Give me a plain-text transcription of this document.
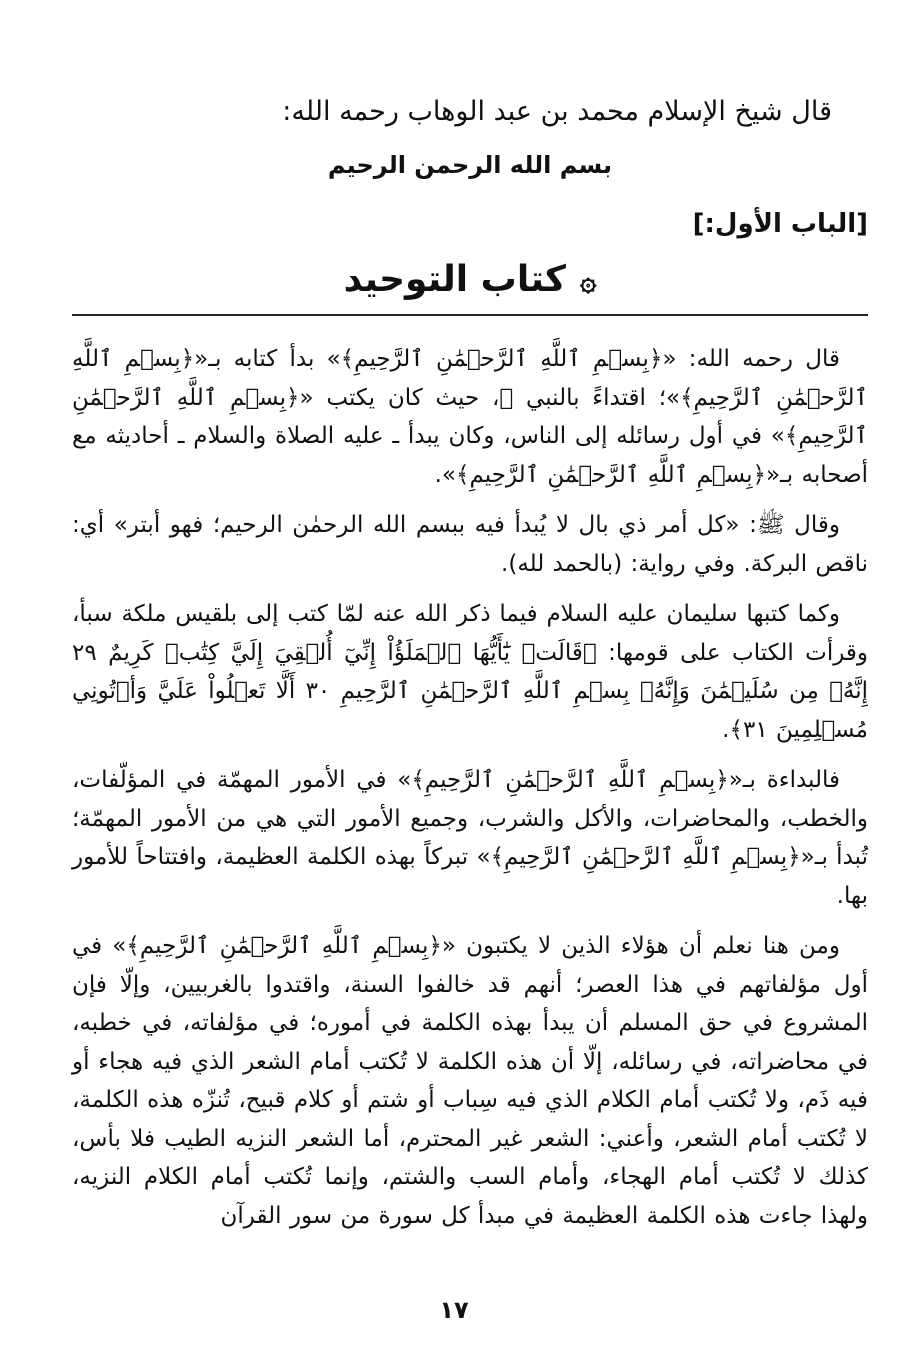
قال شيخ الإسلام محمد بن عبد الوهاب رحمه الله:
بسم الله الرحمن الرحيم
[الباب الأول:]
۞كتاب التوحيد

قال رحمه الله: «﴿بِسۡمِ ٱللَّهِ ٱلرَّحۡمَٰنِ ٱلرَّحِيمِ﴾» بدأ كتابه بـ«﴿بِسۡمِ ٱللَّهِ ٱلرَّحۡمَٰنِ ٱلرَّحِيمِ﴾»؛ اقتداءً بالنبي ﷺ، حيث كان يكتب «﴿بِسۡمِ ٱللَّهِ ٱلرَّحۡمَٰنِ ٱلرَّحِيمِ﴾» في أول رسائله إلى الناس، وكان يبدأ ـ عليه الصلاة والسلام ـ أحاديثه مع أصحابه بـ«﴿بِسۡمِ ٱللَّهِ ٱلرَّحۡمَٰنِ ٱلرَّحِيمِ﴾».

وقال ﷺ: «كل أمر ذي بال لا يُبدأ فيه ببسم الله الرحمٰن الرحيم؛ فهو أبتر» أي: ناقص البركة. وفي رواية: (بالحمد لله).

وكما كتبها سليمان عليه السلام فيما ذكر الله عنه لمّا كتب إلى بلقيس ملكة سبأ، وقرأت الكتاب على قومها: ﴿قَالَتۡ يَٰٓأَيُّهَا ٱلۡمَلَؤُاْ إِنِّيٓ أُلۡقِيَ إِلَيَّ كِتَٰبٞ كَرِيمٌ ٢٩ إِنَّهُۥ مِن سُلَيۡمَٰنَ وَإِنَّهُۥ بِسۡمِ ٱللَّهِ ٱلرَّحۡمَٰنِ ٱلرَّحِيمِ ٣٠ أَلَّا تَعۡلُواْ عَلَيَّ وَأۡتُونِي مُسۡلِمِينَ ٣١﴾.

فالبداءة بـ«﴿بِسۡمِ ٱللَّهِ ٱلرَّحۡمَٰنِ ٱلرَّحِيمِ﴾» في الأمور المهمّة في المؤلّفات، والخطب، والمحاضرات، والأكل والشرب، وجميع الأمور التي هي من الأمور المهمّة؛ تُبدأ بـ«﴿بِسۡمِ ٱللَّهِ ٱلرَّحۡمَٰنِ ٱلرَّحِيمِ﴾» تبركاً بهذه الكلمة العظيمة، وافتتاحاً للأمور بها.

ومن هنا نعلم أن هؤلاء الذين لا يكتبون «﴿بِسۡمِ ٱللَّهِ ٱلرَّحۡمَٰنِ ٱلرَّحِيمِ﴾» في أول مؤلفاتهم في هذا العصر؛ أنهم قد خالفوا السنة، واقتدوا بالغربيين، وإلّا فإن المشروع في حق المسلم أن يبدأ بهذه الكلمة في أموره؛ في مؤلفاته، في خطبه، في محاضراته، في رسائله، إلّا أن هذه الكلمة لا تُكتب أمام الشعر الذي فيه هجاء أو فيه ذَم، ولا تُكتب أمام الكلام الذي فيه سِباب أو شتم أو كلام قبيح، تُنزّه هذه الكلمة، لا تُكتب أمام الشعر، وأعني: الشعر غير المحترم، أما الشعر النزيه الطيب فلا بأس، كذلك لا تُكتب أمام الهجاء، وأمام السب والشتم، وإنما تُكتب أمام الكلام النزيه، ولهذا جاءت هذه الكلمة العظيمة في مبدأ كل سورة من سور القرآن

١٧
